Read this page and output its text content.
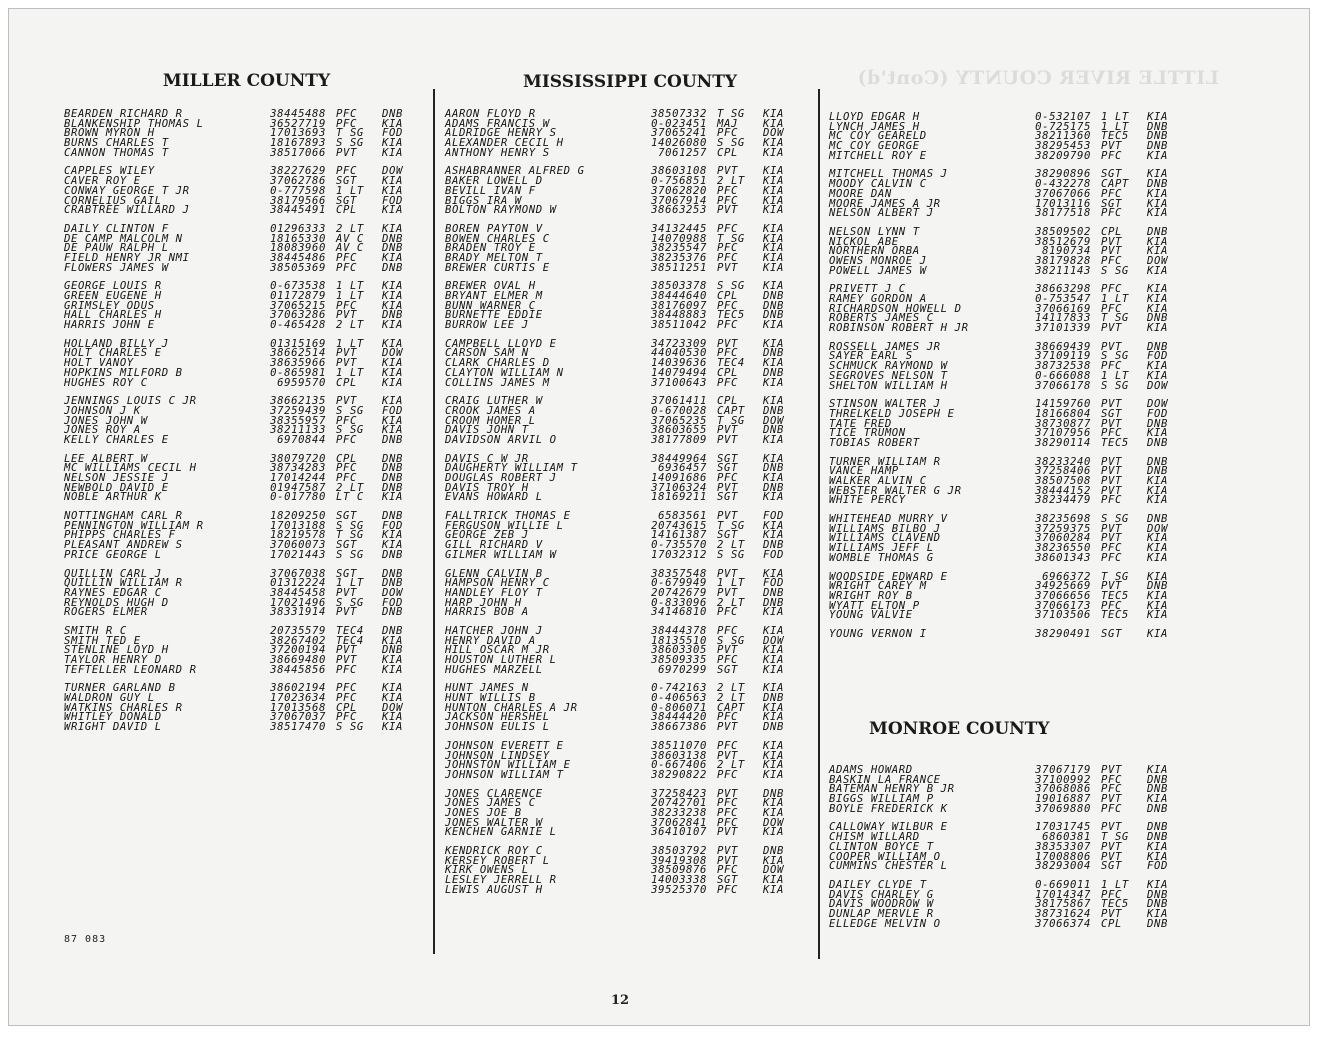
LITTLE RIVER COUNTY (Cont'd)
MILLER COUNTY
BEARDEN RICHARD R	38445488 PFC	DNB
BLANKENSHIP THOMAS L	36527719 PFC	KIA
BROWN MYRON H	17013693 T SG	FOD
BURNS CHARLES T	18167893 S SG	KIA
CANNON THOMAS T	38517066 PVT	KIA
CAPPLES WILEY	38227629 PFC	DOW
CAVER ROY E	37062786 SGT	KIA
CONWAY GEORGE T JR	0-777598 1 LT	KIA
CORNELIUS GAIL	38179566 SGT	FOD
CRABTREE WILLARD J	38445491 CPL	KIA
DAILY CLINTON F	01296333 2 LT	KIA
DE CAMP MALCOLM N	18165330 AV C	DNB
DE PAUW RALPH L	18083960 AV C	DNB
FIELD HENRY JR NMI	38445486 PFC	KIA
FLOWERS JAMES W	38505369 PFC	DNB
GEORGE LOUIS R	0-673538 1 LT	KIA
GREEN EUGENE H	01172879 1 LT	KIA
GRIMSLEY ODUS	37065215 PFC	KIA
HALL CHARLES H	37063286 PVT	DNB
HARRIS JOHN E	0-465428 2 LT	KIA
HOLLAND BILLY J	01315169 1 LT	KIA
HOLT CHARLES E	38662514 PVT	DOW
HOLT VANOY	38635966 PVT	KIA
HOPKINS MILFORD B	0-865981 1 LT	KIA
HUGHES ROY C	6959570 CPL	KIA
JENNINGS LOUIS C JR	38662135 PVT	KIA
JOHNSON J K	37259439 S SG	FOD
JONES JOHN W	38355957 PFC	KIA
JONES ROY A	38211133 S SG	KIA
KELLY CHARLES E	6970844 PFC	DNB
LEE ALBERT W	38079720 CPL	DNB
MC WILLIAMS CECIL H	38734283 PFC	DNB
NELSON JESSIE J	17014244 PFC	DNB
NEWBOLD DAVID E	01947587 2 LT	DNB
NOBLE ARTHUR K	0-017780 LT C	KIA
NOTTINGHAM CARL R	18209250 SGT	DNB
PENNINGTON WILLIAM R	17013188 S SG	FOD
PHIPPS CHARLES F	18219578 T SG	KIA
PLEASANT ANDREW S	37060073 SGT	KIA
PRICE GEORGE L	17021443 S SG	DNB
QUILLIN CARL J	37067038 SGT	DNB
QUILLIN WILLIAM R	01312224 1 LT	DNB
RAYNES EDGAR C	38445458 PVT	DOW
REYNOLDS HUGH D	17021496 S SG	FOD
ROGERS ELMER	38331914 PVT	DNB
SMITH R C	20735579 TEC4	DNB
SMITH TED E	38267402 TEC4	KIA
STENLINE LOYD H	37200194 PVT	DNB
TAYLOR HENRY D	38669480 PVT	KIA
TEFTELLER LEONARD R	38445856 PFC	KIA
TURNER GARLAND B	38602194 PFC	KIA
WALDRON GUY L	17023634 PFC	KIA
WATKINS CHARLES R	17013568 CPL	DOW
WHITLEY DONALD	37067037 PFC	KIA
WRIGHT DAVID L	38517470 S SG	KIA
MISSISSIPPI COUNTY
AARON FLOYD R	38507332 T SG	KIA
ADAMS FRANCIS W	0-023451 MAJ	KIA
ALDRIDGE HENRY S	37065241 PFC	DOW
ALEXANDER CECIL H	14026080 S SG	KIA
ANTHONY HENRY S	7061257 CPL	KIA
ASHABRANNER ALFRED G	38603108 PVT	KIA
BAKER LOWELL D	0-756851 2 LT	KIA
BEVILL IVAN F	37062820 PFC	KIA
BIGGS IRA W	37067914 PFC	KIA
BOLTON RAYMOND W	38663253 PVT	KIA
BOREN PAYTON V	34132445 PFC	KIA
BOWEN CHARLES C	14070988 T SG	KIA
BRADEN TROY E	38235547 PFC	KIA
BRADY MELTON T	38235376 PFC	KIA
BREWER CURTIS E	38511251 PVT	KIA
BREWER OVAL H	38503378 S SG	KIA
BRYANT ELMER M	38444640 CPL	DNB
BUNN WARNER C	38176097 PFC	DNB
BURNETTE EDDIE	38448883 TEC5	DNB
BURROW LEE J	38511042 PFC	KIA
CAMPBELL LLOYD E	34723309 PVT	KIA
CARSON SAM N	44040530 PFC	DNB
CLARK CHARLES D	14039636 TEC4	KIA
CLAYTON WILLIAM N	14079494 CPL	DNB
COLLINS JAMES M	37100643 PFC	KIA
CRAIG LUTHER W	37061411 CPL	KIA
CROOK JAMES A	0-670028 CAPT	DNB
CROOM HOMER L	37065235 T SG	DOW
DAVIS JOHN T	38603655 PVT	DNB
DAVIDSON ARVIL O	38177809 PVT	KIA
DAVIS C W JR	38449964 SGT	KIA
DAUGHERTY WILLIAM T	6936457 SGT	DNB
DOUGLAS ROBERT J	14091686 PFC	KIA
DAVIS TROY H	37106324 PVT	DNB
EVANS HOWARD L	18169211 SGT	KIA
FALLTRICK THOMAS E	6583561 PVT	FOD
FERGUSON WILLIE L	20743615 T SG	KIA
GEORGE ZEB J	14161387 SGT	KIA
GILL RICHARD V	0-735570 2 LT	DNB
GILMER WILLIAM W	17032312 S SG	FOD
GLENN CALVIN B	38357548 PVT	KIA
HAMPSON HENRY C	0-679949 1 LT	FOD
HANDLEY FLOY T	20742679 PVT	DNB
HARP JOHN H	0-833096 2 LT	DNB
HARRIS BOB A	34146810 PFC	KIA
HATCHER JOHN J	38444378 PFC	KIA
HENRY DAVID A	18135510 S SG	DOW
HILL OSCAR M JR	38603305 PVT	KIA
HOUSTON LUTHER L	38509335 PFC	KIA
HUGHES MARZELL	6970299 SGT	KIA
HUNT JAMES N	0-742163 2 LT	KIA
HUNT WILLIS B	0-406563 2 LT	DNB
HUNTON CHARLES A JR	0-806071 CAPT	KIA
JACKSON HERSHEL	38444420 PFC	KIA
JOHNSON EULIS L	38667386 PVT	DNB
JOHNSON EVERETT E	38511070 PFC	KIA
JOHNSON LINDSEY	38603138 PVT	KIA
JOHNSTON WILLIAM E	0-667406 2 LT	KIA
JOHNSON WILLIAM T	38290822 PFC	KIA
JONES CLARENCE	37258423 PVT	DNB
JONES JAMES C	20742701 PFC	KIA
JONES JOE B	38233238 PFC	KIA
JONES WALTER W	37062841 PFC	DOW
KENCHEN GARNIE L	36410107 PVT	KIA
KENDRICK ROY C	38503792 PVT	DNB
KERSEY ROBERT L	39419308 PVT	KIA
KIRK OWENS L	38509876 PFC	DOW
LESLEY JERRELL R	14003338 SGT	KIA
LEWIS AUGUST H	39525370 PFC	KIA
LLOYD EDGAR H	0-532107 1 LT	KIA
LYNCH JAMES H	0-725175 1 LT	DNB
MC COY GEARELD	38211360 TEC5	DNB
MC COY GEORGE	38295453 PVT	DNB
MITCHELL ROY E	38209790 PFC	KIA
MITCHELL THOMAS J	38290896 SGT	KIA
MOODY CALVIN C	0-432278 CAPT	DNB
MOORE DAN	37067066 PFC	KIA
MOORE JAMES A JR	17013116 SGT	KIA
NELSON ALBERT J	38177518 PFC	KIA
NELSON LYNN T	38509502 CPL	DNB
NICKOL ABE	38512679 PVT	KIA
NORTHERN ORBA	8190734 PVT	KIA
OWENS MONROE J	38179828 PFC	DOW
POWELL JAMES W	38211143 S SG	KIA
PRIVETT J C	38663298 PFC	KIA
RAMEY GORDON A	0-753547 1 LT	KIA
RICHARDSON HOWELL D	37066169 PFC	KIA
ROBERTS JAMES C	14117833 T SG	DNB
ROBINSON ROBERT H JR	37101339 PVT	KIA
ROSSELL JAMES JR	38669439 PVT	DNB
SAYER EARL S	37109119 S SG	FOD
SCHMUCK RAYMOND W	38732538 PFC	KIA
SEGROVES NELSON T	0-666088 1 LT	KIA
SHELTON WILLIAM H	37066178 S SG	DOW
STINSON WALTER J	14159760 PVT	DOW
THRELKELD JOSEPH E	18166804 SGT	FOD
TATE FRED	38730877 PVT	DNB
TICE TRUMON	37107956 PFC	KIA
TOBIAS ROBERT	38290114 TEC5	DNB
TURNER WILLIAM R	38233240 PVT	DNB
VANCE HAMP	37258406 PVT	DNB
WALKER ALVIN C	38507508 PVT	KIA
WEBSTER WALTER G JR	38444152 PVT	KIA
WHITE PERCY	38234479 PFC	KIA
WHITEHEAD MURRY V	38235698 S SG	DNB
WILLIAMS BILBO J	37259375 PVT	DOW
WILLIAMS CLAVEND	37060284 PVT	KIA
WILLIAMS JEFF L	38236550 PFC	KIA
WOMBLE THOMAS G	38601343 PFC	KIA
WOODSIDE EDWARD E	6966372 T SG	KIA
WRIGHT CAREY M	34925669 PVT	DNB
WRIGHT ROY B	37066656 TEC5	KIA
WYATT ELTON P	37066173 PFC	KIA
YOUNG VALVIE	37103506 TEC5	KIA
YOUNG VERNON I	38290491 SGT	KIA
MONROE COUNTY
ADAMS HOWARD	37067179 PVT	KIA
BASKIN LA FRANCE	37100992 PFC	DNB
BATEMAN HENRY B JR	37068086 PFC	DNB
BIGGS WILLIAM P	19016887 PVT	KIA
BOYLE FREDERICK K	37069880 PFC	DNB
CALLOWAY WILBUR E	17031745 PVT	DNB
CHISM WILLARD	6860381 T SG	DNB
CLINTON BOYCE T	38353307 PVT	KIA
COOPER WILLIAM O	17008806 PVT	KIA
CUMMINS CHESTER L	38293004 SGT	FOD
DAILEY CLYDE T	0-669011 1 LT	KIA
DAVIS CHARLEY G	17014347 PFC	DNB
DAVIS WOODROW W	38175867 TEC5	DNB
DUNLAP MERVLE R	38731624 PVT	KIA
ELLEDGE MELVIN O	37066374 CPL	DNB
87 083
12
